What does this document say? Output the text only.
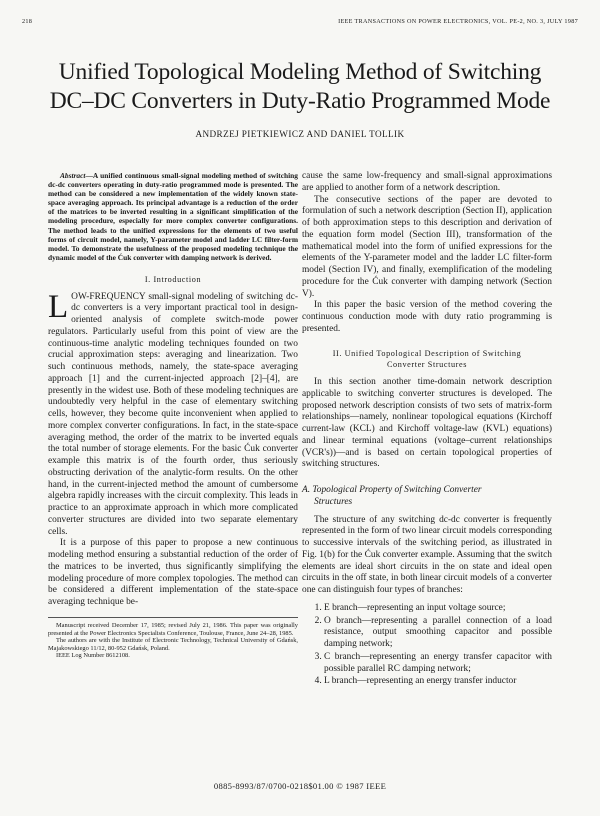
218	IEEE TRANSACTIONS ON POWER ELECTRONICS, VOL. PE-2, NO. 3, JULY 1987
Unified Topological Modeling Method of Switching
DC–DC Converters in Duty-Ratio Programmed Mode
ANDRZEJ PIETKIEWICZ AND DANIEL TOLLIK

Abstract—A unified continuous small-signal modeling method of switching dc-dc converters operating in duty-ratio programmed mode is presented. The method can be considered a new implementation of the widely known state-space averaging approach. Its principal advantage is a reduction of the order of the matrices to be inverted resulting in a significant simplification of the modeling procedure, especially for more complex converter configurations. The method leads to the unified expressions for the elements of two useful forms of circuit model, namely, Y-parameter model and ladder LC filter-form model. To demonstrate the usefulness of the proposed modeling technique the dynamic model of the Ćuk converter with damping network is derived.

I. Introduction

LOW-FREQUENCY small-signal modeling of switching dc-dc converters is a very important practical tool in design-oriented analysis of complete switch-mode power regulators. Particularly useful from this point of view are the continuous-time analytic modeling techniques founded on two crucial approximation steps: averaging and linearization. Two such continuous methods, namely, the state-space averaging approach [1] and the current-injected approach [2]–[4], are presently in the widest use. Both of these modeling techniques are undoubtedly very helpful in the case of elementary switching cells, however, they become quite inconvenient when applied to more complex converter configurations. In fact, in the state-space averaging method, the order of the matrix to be inverted equals the total number of storage elements. For the basic Ćuk converter example this matrix is of the fourth order, thus seriously obstructing derivation of the analytic-form results. On the other hand, in the current-injected method the amount of cumbersome algebra rapidly increases with the circuit complexity. This leads in practice to an approximate approach in which more complicated converter structures are divided into two separate elementary cells.

It is a purpose of this paper to propose a new continuous modeling method ensuring a substantial reduction of the order of the matrices to be inverted, thus significantly simplifying the modeling procedure of more complex topologies. The method can be considered a different implementation of the state-space averaging technique be-

Manuscript received December 17, 1985; revised July 21, 1986. This paper was originally presented at the Power Electronics Specialists Conference, Toulouse, France, June 24–28, 1985.

The authors are with the Institute of Electronic Technology, Technical University of Gdańsk, Majakowskiego 11/12, 80-952 Gdańsk, Poland.

IEEE Log Number 8612108.

cause the same low-frequency and small-signal approximations are applied to another form of a network description.

The consecutive sections of the paper are devoted to formulation of such a network description (Section II), application of both approximation steps to this description and derivation of the equation form model (Section III), transformation of the mathematical model into the form of unified expressions for the elements of the Y-parameter model and the ladder LC filter-form model (Section IV), and finally, exemplification of the modeling procedure for the Ćuk converter with damping network (Section V).

In this paper the basic version of the method covering the continuous conduction mode with duty ratio programming is presented.

II. Unified Topological Description of Switching
Converter Structures

In this section another time-domain network description applicable to switching converter structures is developed. The proposed network description consists of two sets of matrix-form relationships—namely, nonlinear topological equations (Kirchoff current-law (KCL) and Kirchoff voltage-law (KVL) equations) and linear terminal equations (voltage–current relationships (VCR's))—and is based on certain topological properties of switching structures.

A. Topological Property of Switching Converter
Structures

The structure of any switching dc-dc converter is frequently represented in the form of two linear circuit models corresponding to successive intervals of the switching period, as illustrated in Fig. 1(b) for the Ćuk converter example. Assuming that the switch elements are ideal short circuits in the on state and ideal open circuits in the off state, in both linear circuit models of a converter one can distinguish four types of branches:

1. E branch—representing an input voltage source;
2. O branch—representing a parallel connection of a load resistance, output smoothing capacitor and possible damping network;
3. C branch—representing an energy transfer capacitor with possible parallel RC damping network;
4. L branch—representing an energy transfer inductor
0885-8993/87/0700-0218$01.00 © 1987 IEEE
